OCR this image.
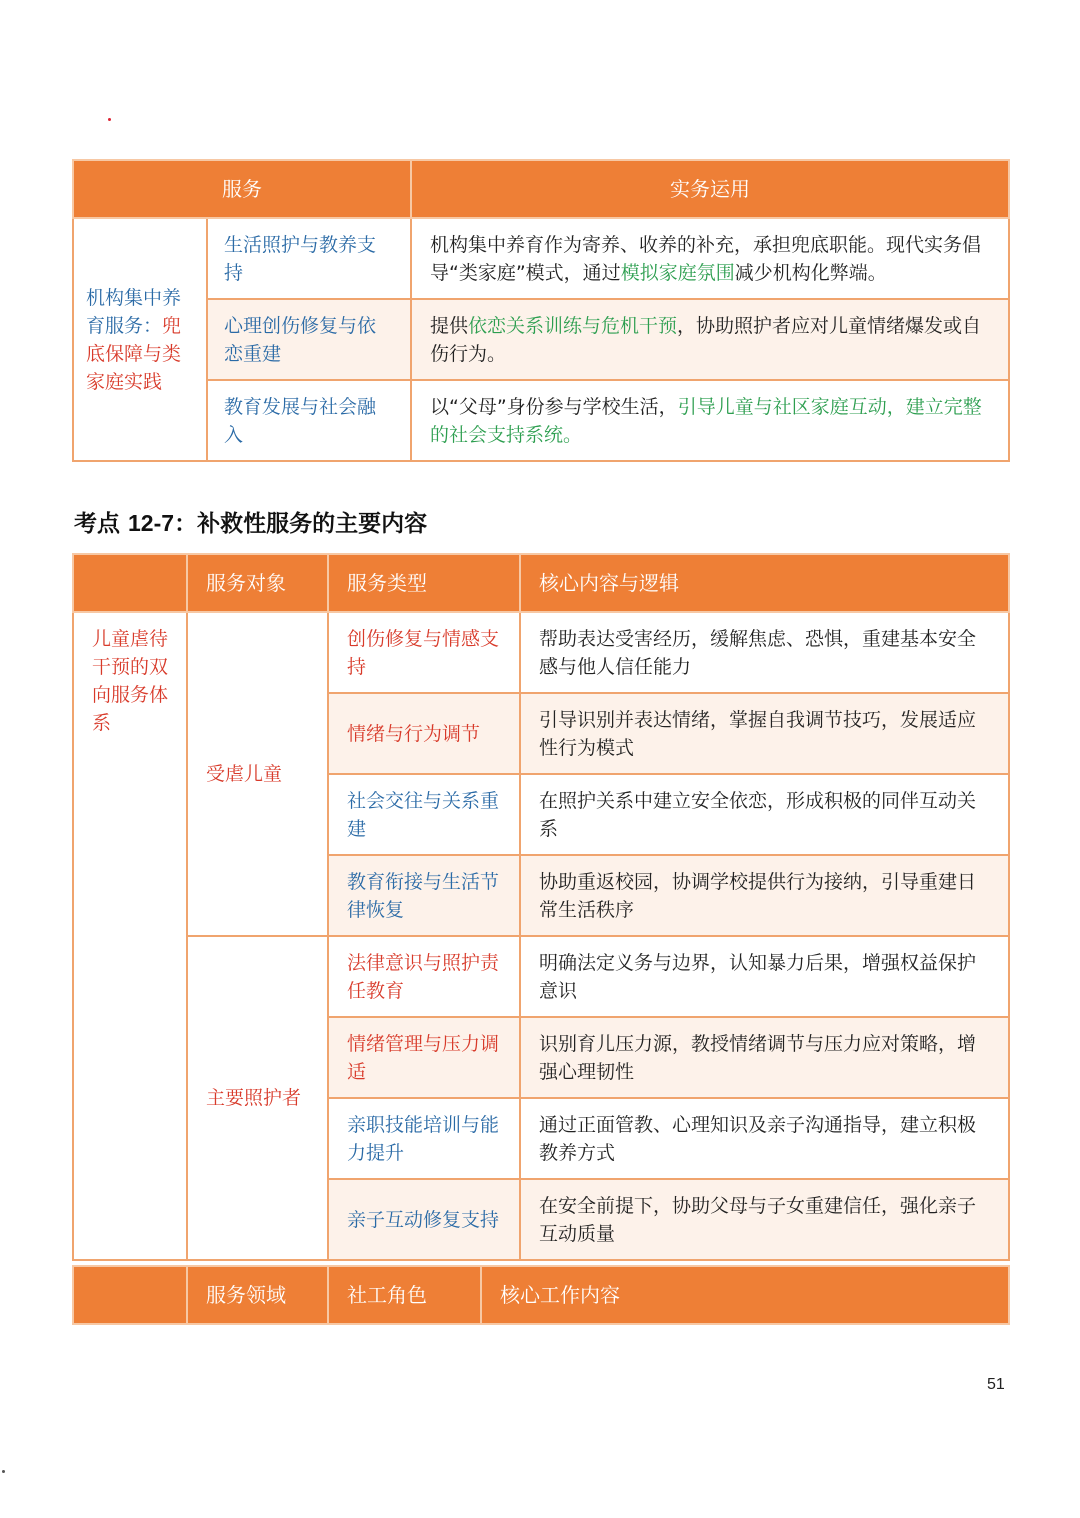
服务		实务运用
机构集中养育服务：兜底保障与类家庭实践	生活照护与教养支持	机构集中养育作为寄养、收养的补充，承担兜底职能。现代实务倡导“类家庭”模式，通过模拟家庭氛围减少机构化弊端。
	心理创伤修复与依恋重建	提供依恋关系训练与危机干预，协助照护者应对儿童情绪爆发或自伤行为。
	教育发展与社会融入	以“父母”身份参与学校生活，引导儿童与社区家庭互动，建立完整的社会支持系统。
考点 12-7：补救性服务的主要内容
	服务对象	服务类型	核心内容与逻辑
儿童虐待干预的双向服务体系	受虐儿童	创伤修复与情感支持	帮助表达受害经历，缓解焦虑、恐惧，重建基本安全感与他人信任能力
		情绪与行为调节	引导识别并表达情绪，掌握自我调节技巧，发展适应性行为模式
		社会交往与关系重建	在照护关系中建立安全依恋，形成积极的同伴互动关系
		教育衔接与生活节律恢复	协助重返校园，协调学校提供行为接纳，引导重建日常生活秩序
	主要照护者	法律意识与照护责任教育	明确法定义务与边界，认知暴力后果，增强权益保护意识
		情绪管理与压力调适	识别育儿压力源，教授情绪调节与压力应对策略，增强心理韧性
		亲职技能培训与能力提升	通过正面管教、心理知识及亲子沟通指导，建立积极教养方式
		亲子互动修复支持	在安全前提下，协助父母与子女重建信任，强化亲子互动质量
	服务领域	社工角色	核心工作内容
51
